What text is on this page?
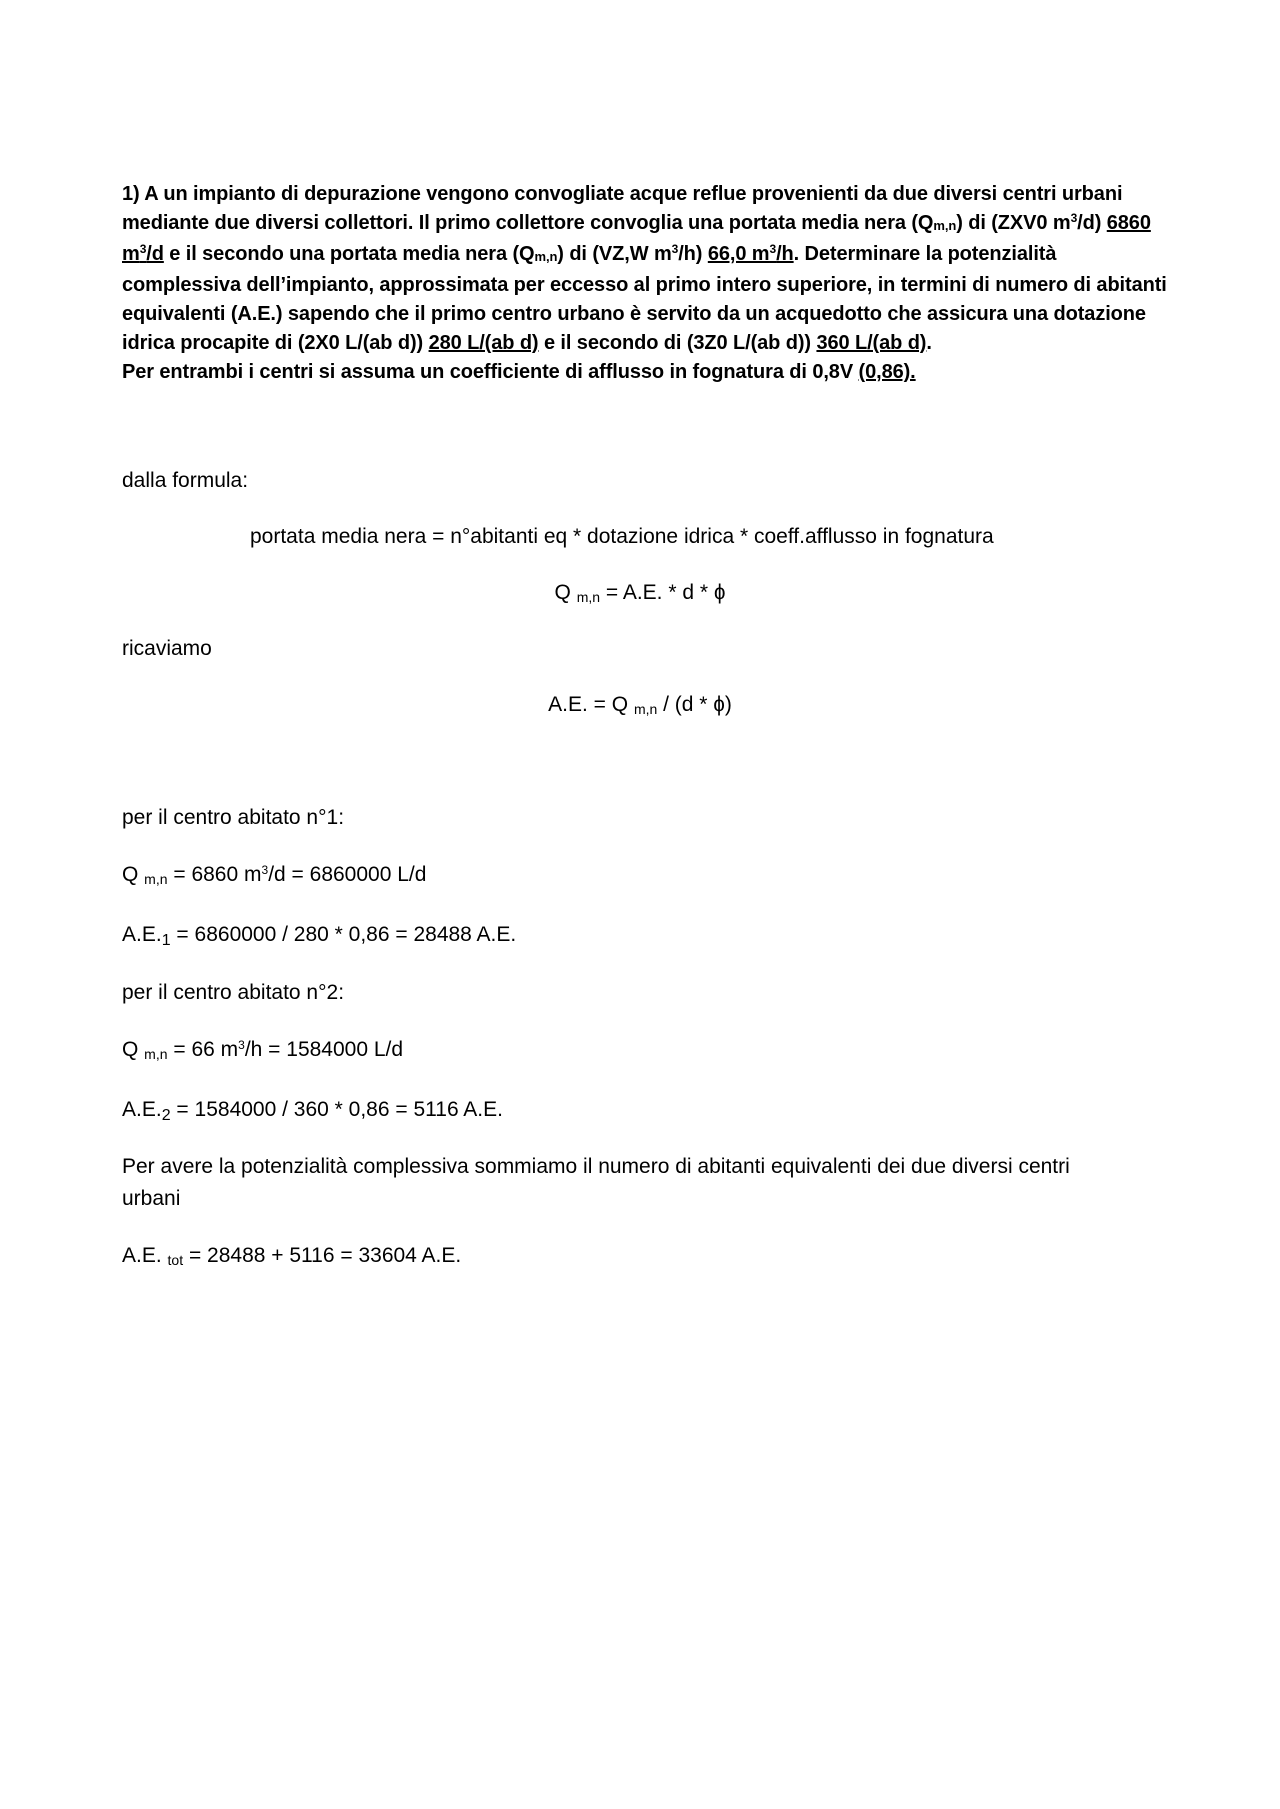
1) A un impianto di depurazione vengono convogliate acque reflue provenienti da due diversi centri urbani mediante due diversi collettori. Il primo collettore convoglia una portata media nera (Qm,n) di (ZXV0 $m^3/d$) 6860 $m^3/d$ e il secondo una portata media nera (Qm,n) di (VZ,W $m^3/h$) 66,0 $m^3/h$. Determinare la potenzialità complessiva dell’impianto, approssimata per eccesso al primo intero superiore, in termini di numero di abitanti equivalenti (A.E.) sapendo che il primo centro urbano è servito da un acquedotto che assicura una dotazione idrica procapite di (2X0 L/(ab d)) 280 L/(ab d) e il secondo di (3Z0 L/(ab d)) 360 L/(ab d).
Per entrambi i centri si assuma un coefficiente di afflusso in fognatura di 0,8V (0,86).
dalla formula:
portata media nera = n°abitanti eq * dotazione idrica * coeff.afflusso in fognatura
Q $_{m,n}$ = A.E. * d * ɸ
ricaviamo
A.E. = Q $_{m,n}$ / (d * ɸ)
per il centro abitato n°1:
Q $_{m,n}$ = 6860 $m^3/d = 6860000$ L/d
A.E.1 = 6860000 / 280 * 0,86 = 28488 A.E.
per il centro abitato n°2:
Q $_{m,n}$ = 66 $m^3/h = 1584000$ L/d
A.E.2 = 1584000 / 360 * 0,86 = 5116 A.E.
Per avere la potenzialità complessiva sommiamo il numero di abitanti equivalenti dei due diversi centri urbani
A.E. $_{tot}$ = 28488 + 5116 = 33604 A.E.
